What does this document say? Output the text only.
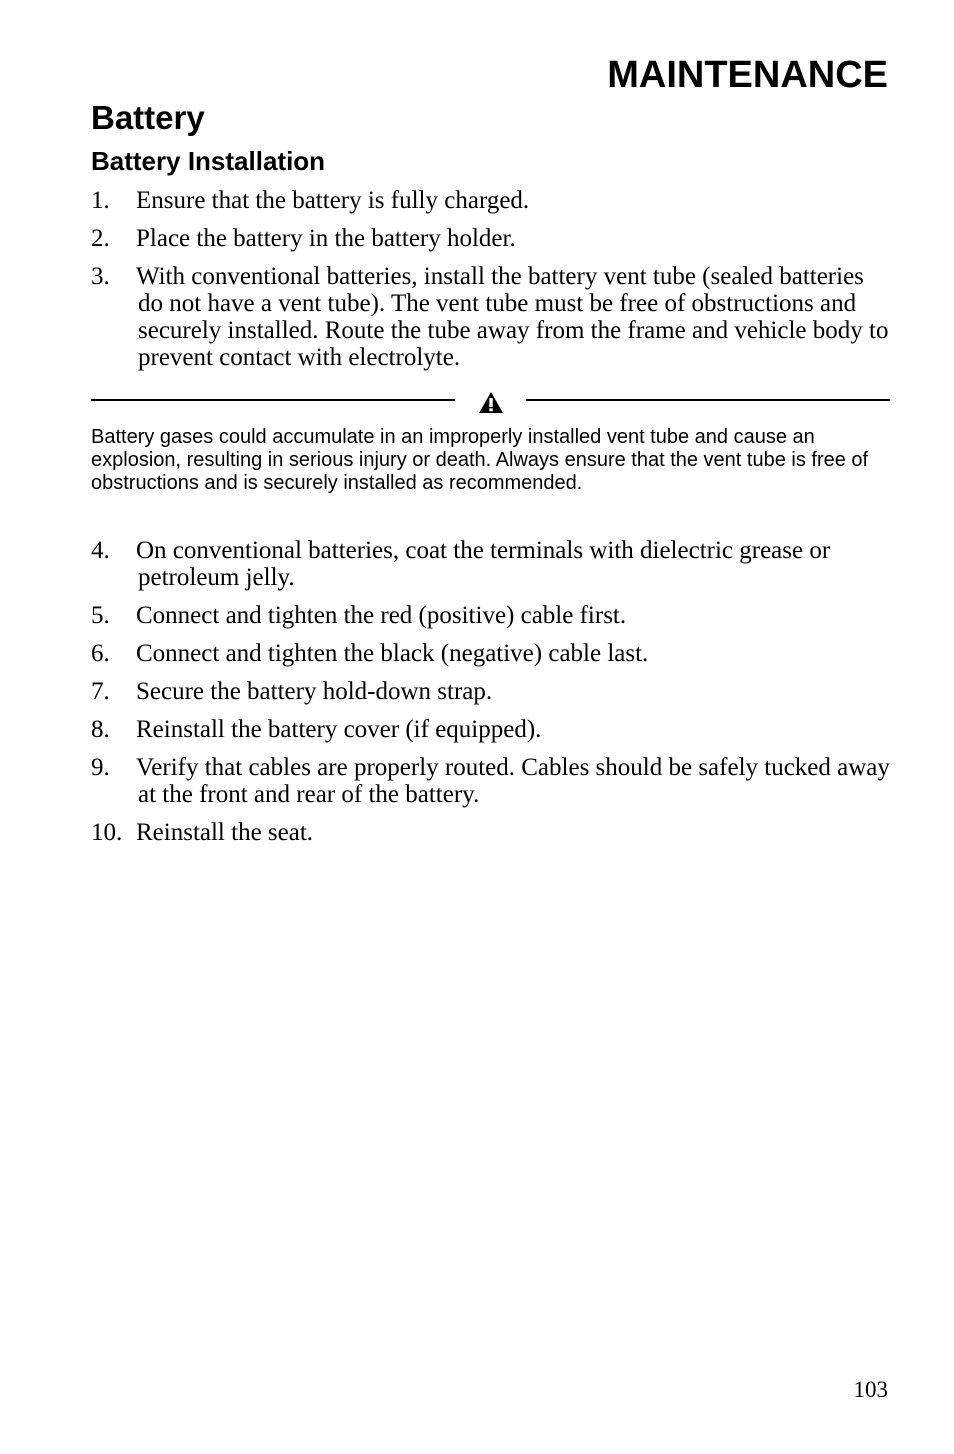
MAINTENANCE
Battery
Battery Installation
1. Ensure that the battery is fully charged.
2. Place the battery in the battery holder.
3. With conventional batteries, install the battery vent tube (sealed batteries do not have a vent tube). The vent tube must be free of obstructions and securely installed. Route the tube away from the frame and vehicle body to prevent contact with electrolyte.

Battery gases could accumulate in an improperly installed vent tube and cause an explosion, resulting in serious injury or death. Always ensure that the vent tube is free of obstructions and is securely installed as recommended.

4. On conventional batteries, coat the terminals with dielectric grease or petroleum jelly.
5. Connect and tighten the red (positive) cable first.
6. Connect and tighten the black (negative) cable last.
7. Secure the battery hold-down strap.
8. Reinstall the battery cover (if equipped).
9. Verify that cables are properly routed. Cables should be safely tucked away at the front and rear of the battery.
10. Reinstall the seat.

103
